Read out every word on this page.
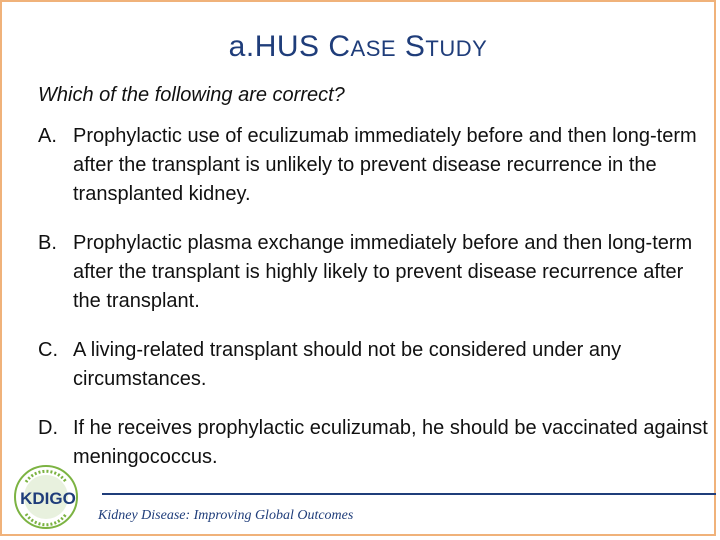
a.HUS CASE STUDY
Which of the following are correct?
A. Prophylactic use of eculizumab immediately before and then long-term after the transplant is unlikely to prevent disease recurrence in the transplanted kidney.
B. Prophylactic plasma exchange immediately before and then long-term after the transplant is highly likely to prevent disease recurrence after the transplant.
C. A living-related transplant should not be considered under any circumstances.
D. If he receives prophylactic eculizumab, he should be vaccinated against meningococcus.
KDIGO
Kidney Disease: Improving Global Outcomes
